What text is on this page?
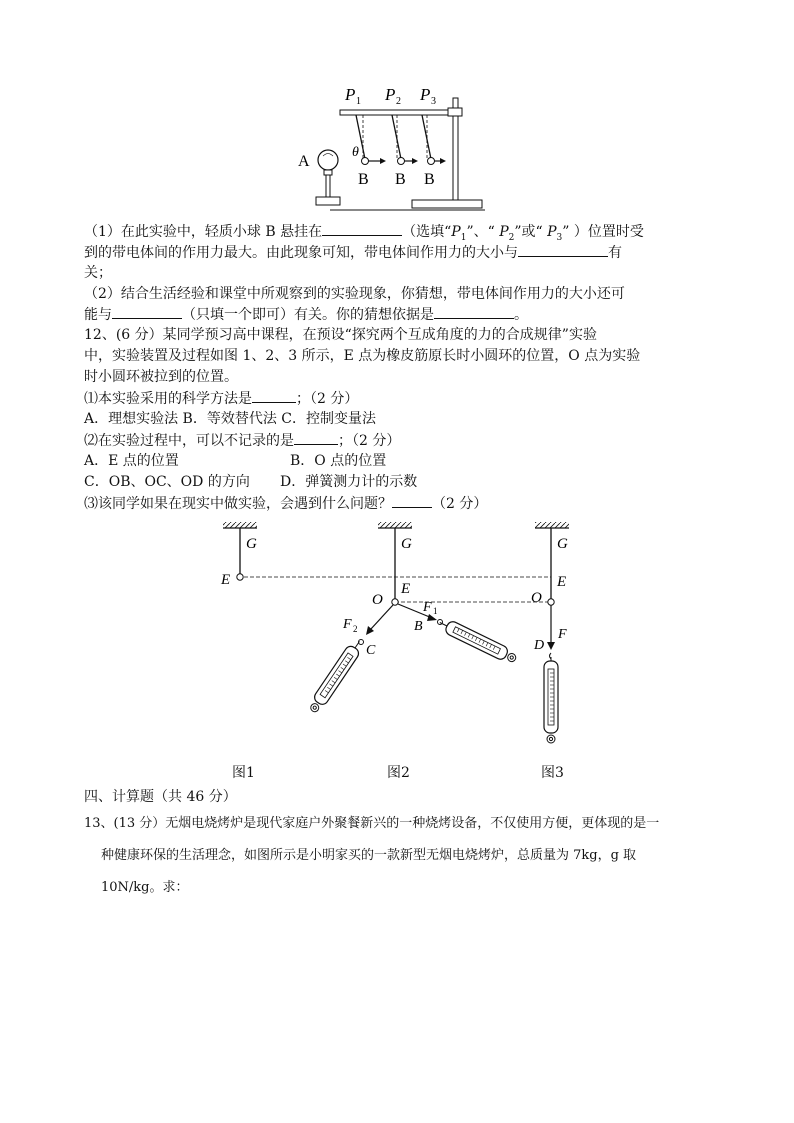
P 1 P 2 P 3
θ
B B B
A
（1）在此实验中，轻质小球 B 悬挂在	（选填“$P_1$”、“ $P_2$”或“ $P_3$” ）位置时受
到的带电体间的作用力最大。由此现象可知，带电体间作用力的大小与	有
关；
（2）结合生活经验和课堂中所观察到的实验现象，你猜想，带电体间作用力的大小还可
能与	（只填一个即可）有关。你的猜想依据是	。
12、(6 分）某同学预习高中课程，在预设“探究两个互成角度的力的合成规律”实验
中，实验装置及过程如图 1、2、3 所示，E 点为橡皮筋原长时小圆环的位置，O 点为实验
时小圆环被拉到的位置。
⑴本实验采用的科学方法是	；（2 分）
A．理想实验法 B．等效替代法 C．控制变量法
⑵在实验过程中，可以不记录的是	；（2 分）
A．E 点的位置	B．O 点的位置
C．OB、OC、OD 的方向 D．弹簧测力计的示数
⑶该同学如果在现实中做实验，会遇到什么问题？	（2 分）
G	G	G
E
E
O	F 1
B
F 2
C
E
O
F
D
图1	图2	图3
四、计算题（共 46 分）
13、(13 分）无烟电烧烤炉是现代家庭户外聚餐新兴的一种烧烤设备，不仅使用方便，更体现的是一
种健康环保的生活理念，如图所示是小明家买的一款新型无烟电烧烤炉，总质量为 7kg，g 取
10N/kg。求：
